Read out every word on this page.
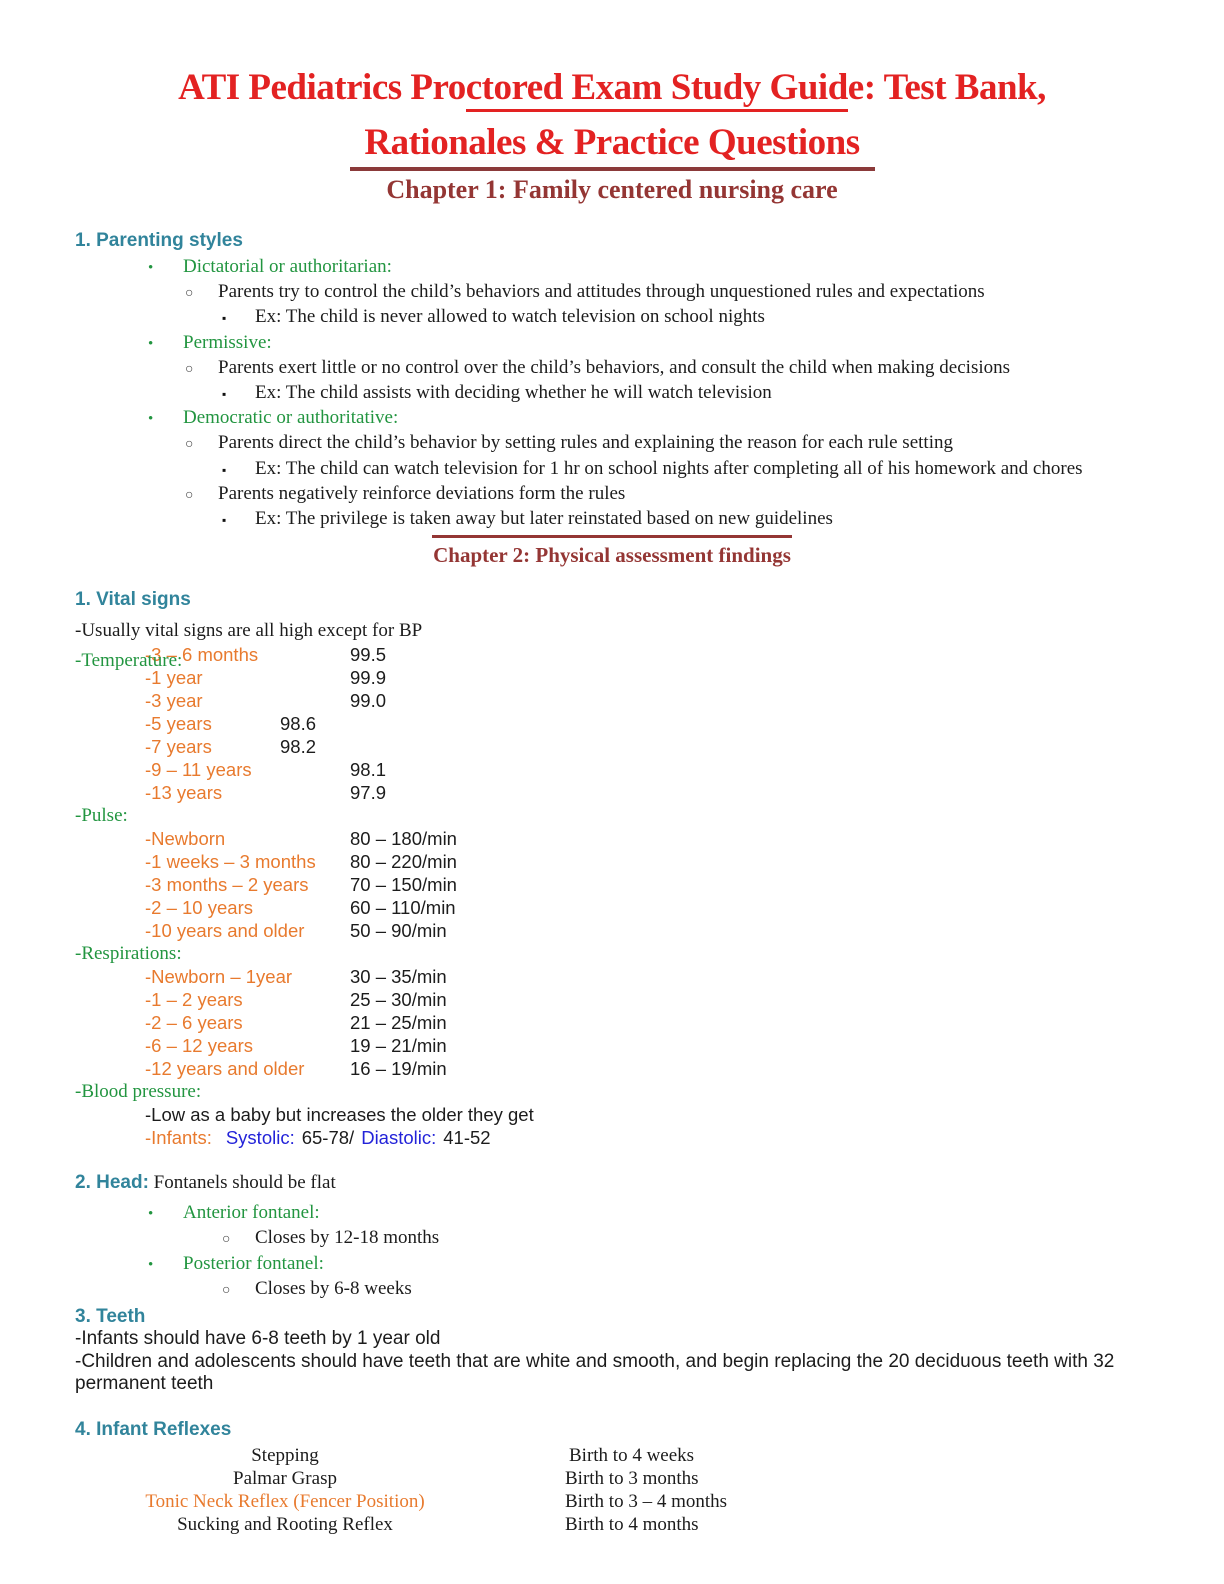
ATI Pediatrics Proctored Exam Study Guide: Test Bank,
Rationales & Practice Questions
Chapter 1: Family centered nursing care
1. Parenting styles
• Dictatorial or authoritarian:
○ Parents try to control the child’s behaviors and attitudes through unquestioned rules and expectations
▪ Ex: The child is never allowed to watch television on school nights
• Permissive:
○ Parents exert little or no control over the child’s behaviors, and consult the child when making decisions
▪ Ex: The child assists with deciding whether he will watch television
• Democratic or authoritative:
○ Parents direct the child’s behavior by setting rules and explaining the reason for each rule setting
▪ Ex: The child can watch television for 1 hr on school nights after completing all of his homework and chores
○ Parents negatively reinforce deviations form the rules
▪ Ex: The privilege is taken away but later reinstated based on new guidelines
Chapter 2: Physical assessment findings
1. Vital signs
-Usually vital signs are all high except for BP
-Temperature:
-3 – 6 months	99.5
-1 year	99.9
-3 year	99.0
-5 years	98.6
-7 years	98.2
-9 – 11 years	98.1
-13 years	97.9
-Pulse:
-Newborn	80 – 180/min
-1 weeks – 3 months 80 – 220/min
-3 months – 2 years 70 – 150/min
-2 – 10 years	60 – 110/min
-10 years and older 50 – 90/min
-Respirations:
-Newborn – 1year	30 – 35/min
-1 – 2 years	25 – 30/min
-2 – 6 years	21 – 25/min
-6 – 12 years	19 – 21/min
-12 years and older 16 – 19/min
-Blood pressure:
-Low as a baby but increases the older they get
-Infants: Systolic: 65-78/ Diastolic: 41-52
2. Head: Fontanels should be flat
• Anterior fontanel:
○ Closes by 12-18 months
• Posterior fontanel:
○ Closes by 6-8 weeks
3. Teeth
-Infants should have 6-8 teeth by 1 year old
-Children and adolescents should have teeth that are white and smooth, and begin replacing the 20 deciduous teeth with 32
permanent teeth
4. Infant Reflexes
Stepping	Birth to 4 weeks
Palmar Grasp	Birth to 3 months
Tonic Neck Reflex (Fencer Position)	Birth to 3 – 4 months
Sucking and Rooting Reflex	Birth to 4 months
